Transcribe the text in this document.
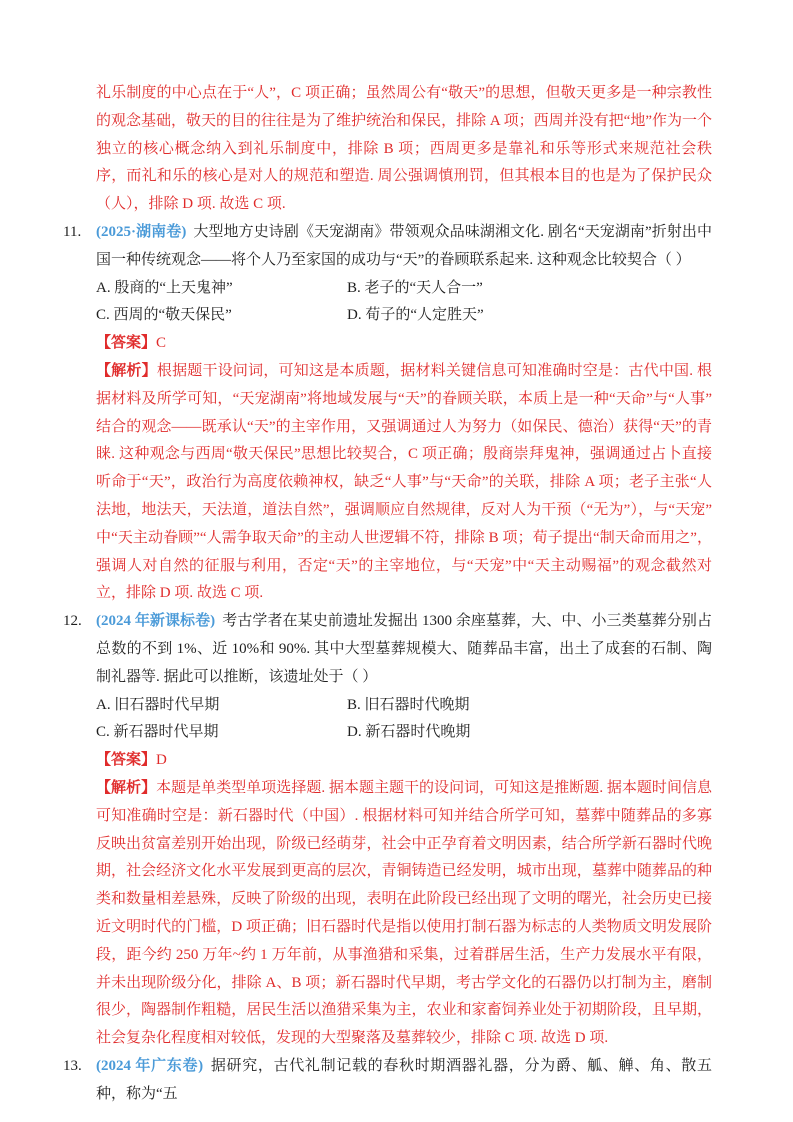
礼乐制度的中心点在于“人”，C 项正确；虽然周公有“敬天”的思想，但敬天更多是一种宗教性的观念基础，敬天的目的往往是为了维护统治和保民，排除 A 项；西周并没有把“地”作为一个独立的核心概念纳入到礼乐制度中，排除 B 项；西周更多是靠礼和乐等形式来规范社会秩序，而礼和乐的核心是对人的规范和塑造. 周公强调慎刑罚，但其根本目的也是为了保护民众（人），排除 D 项. 故选 C 项.

11. (2025·湖南卷) 大型地方史诗剧《天宠湖南》带领观众品味湖湘文化. 剧名“天宠湖南”折射出中国一种传统观念——将个人乃至家国的成功与“天”的眷顾联系起来. 这种观念比较契合（ ）

A. 殷商的“上天鬼神”	B. 老子的“天人合一”
C. 西周的“敬天保民”	D. 荀子的“人定胜天”

【答案】C

【解析】根据题干设问词，可知这是本质题，据材料关键信息可知准确时空是：古代中国. 根据材料及所学可知，“天宠湖南”将地域发展与“天”的眷顾关联，本质上是一种“天命”与“人事”结合的观念——既承认“天”的主宰作用，又强调通过人为努力（如保民、德治）获得“天”的青睐. 这种观念与西周“敬天保民”思想比较契合，C 项正确；殷商崇拜鬼神，强调通过占卜直接听命于“天”，政治行为高度依赖神权，缺乏“人事”与“天命”的关联，排除 A 项；老子主张“人法地，地法天，天法道，道法自然”，强调顺应自然规律，反对人为干预（“无为”），与“天宠”中“天主动眷顾”“人需争取天命”的主动人世逻辑不符，排除 B 项；荀子提出“制天命而用之”，强调人对自然的征服与利用，否定“天”的主宰地位，与“天宠”中“天主动赐福”的观念截然对立，排除 D 项. 故选 C 项.

12. (2024 年新课标卷) 考古学者在某史前遗址发掘出 1300 余座墓葬，大、中、小三类墓葬分别占总数的不到 1%、近 10%和 90%. 其中大型墓葬规模大、随葬品丰富，出土了成套的石制、陶制礼器等. 据此可以推断，该遗址处于（ ）

A. 旧石器时代早期	B. 旧石器时代晚期
C. 新石器时代早期	D. 新石器时代晚期

【答案】D

【解析】本题是单类型单项选择题. 据本题主题干的设问词，可知这是推断题. 据本题时间信息可知准确时空是：新石器时代（中国）. 根据材料可知并结合所学可知，墓葬中随葬品的多寡反映出贫富差别开始出现，阶级已经萌芽，社会中正孕育着文明因素，结合所学新石器时代晚期，社会经济文化水平发展到更高的层次，青铜铸造已经发明，城市出现，墓葬中随葬品的种类和数量相差悬殊，反映了阶级的出现，表明在此阶段已经出现了文明的曙光，社会历史已接近文明时代的门槛，D 项正确；旧石器时代是指以使用打制石器为标志的人类物质文明发展阶段，距今约 250 万年~约 1 万年前，从事渔猎和采集，过着群居生活，生产力发展水平有限，并未出现阶级分化，排除 A、B 项；新石器时代早期，考古学文化的石器仍以打制为主，磨制很少，陶器制作粗糙，居民生活以渔猎采集为主，农业和家畜饲养业处于初期阶段，且早期，社会复杂化程度相对较低，发现的大型聚落及墓葬较少，排除 C 项. 故选 D 项.

13. (2024 年广东卷) 据研究，古代礼制记载的春秋时期酒器礼器，分为爵、觚、觯、角、散五种，称为“五
